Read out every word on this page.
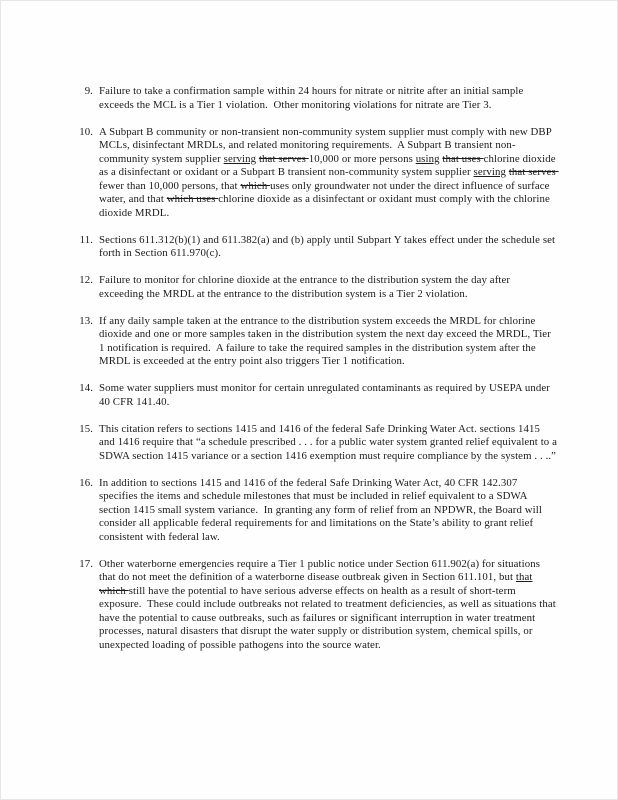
9. Failure to take a confirmation sample within 24 hours for nitrate or nitrite after an initial sample exceeds the MCL is a Tier 1 violation.  Other monitoring violations for nitrate are Tier 3.
10. A Subpart B community or non-transient non-community system supplier must comply with new DBP MCLs, disinfectant MRDLs, and related monitoring requirements.  A Subpart B transient non-community system supplier serving that serves 10,000 or more persons using that uses chlorine dioxide as a disinfectant or oxidant or a Subpart B transient non-community system supplier serving that serves fewer than 10,000 persons, that which uses only groundwater not under the direct influence of surface water, and that which uses chlorine dioxide as a disinfectant or oxidant must comply with the chlorine dioxide MRDL.
11. Sections 611.312(b)(1) and 611.382(a) and (b) apply until Subpart Y takes effect under the schedule set forth in Section 611.970(c).
12. Failure to monitor for chlorine dioxide at the entrance to the distribution system the day after exceeding the MRDL at the entrance to the distribution system is a Tier 2 violation.
13. If any daily sample taken at the entrance to the distribution system exceeds the MRDL for chlorine dioxide and one or more samples taken in the distribution system the next day exceed the MRDL, Tier 1 notification is required.  A failure to take the required samples in the distribution system after the MRDL is exceeded at the entry point also triggers Tier 1 notification.
14. Some water suppliers must monitor for certain unregulated contaminants as required by USEPA under 40 CFR 141.40.
15. This citation refers to sections 1415 and 1416 of the federal Safe Drinking Water Act. sections 1415 and 1416 require that “a schedule prescribed . . . for a public water system granted relief equivalent to a SDWA section 1415 variance or a section 1416 exemption must require compliance by the system . . ..”
16. In addition to sections 1415 and 1416 of the federal Safe Drinking Water Act, 40 CFR 142.307 specifies the items and schedule milestones that must be included in relief equivalent to a SDWA section 1415 small system variance.  In granting any form of relief from an NPDWR, the Board will consider all applicable federal requirements for and limitations on the State’s ability to grant relief consistent with federal law.
17. Other waterborne emergencies require a Tier 1 public notice under Section 611.902(a) for situations that do not meet the definition of a waterborne disease outbreak given in Section 611.101, but that which still have the potential to have serious adverse effects on health as a result of short-term exposure.  These could include outbreaks not related to treatment deficiencies, as well as situations that have the potential to cause outbreaks, such as failures or significant interruption in water treatment processes, natural disasters that disrupt the water supply or distribution system, chemical spills, or unexpected loading of possible pathogens into the source water.
